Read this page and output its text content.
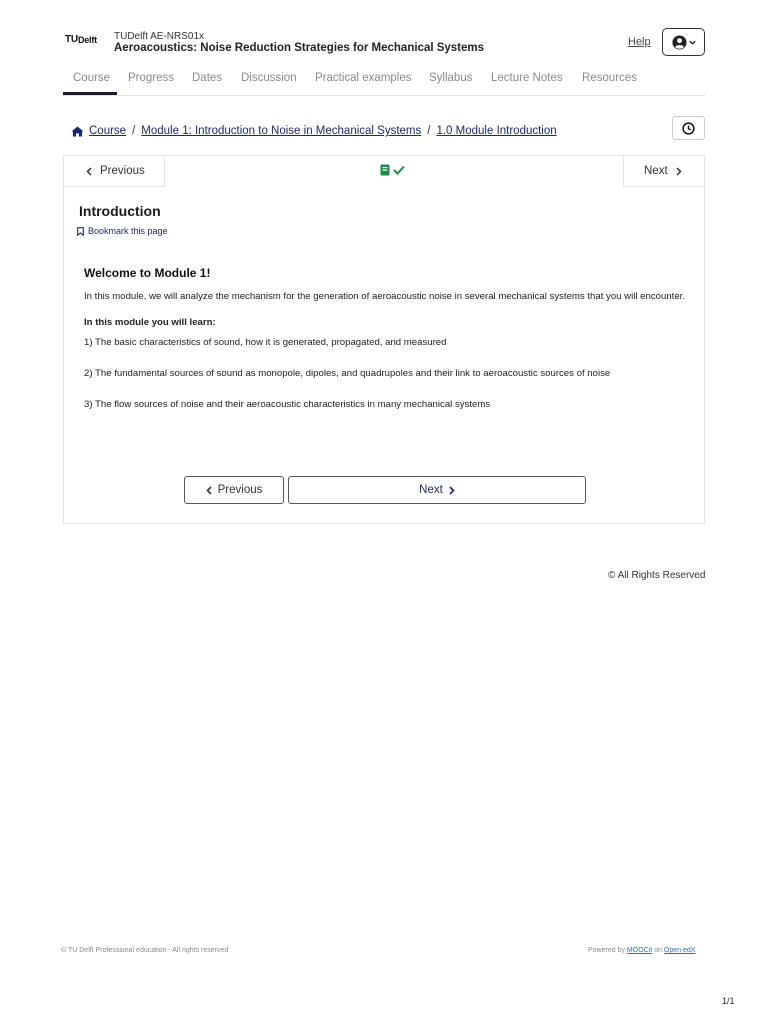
TU Delft TUDelft AE-NRS01x
Aeroacoustics: Noise Reduction Strategies for Mechanical Systems	Help
Course Progress Dates Discussion Practical examples Syllabus Lecture Notes Resources
Course / Module 1: Introduction to Noise in Mechanical Systems / 1.0 Module Introduction
Previous	Next
Introduction
Bookmark this page
Welcome to Module 1!

In this module, we will analyze the mechanism for the generation of aeroacoustic noise in several mechanical systems that you will encounter.

In this module you will learn:

1) The basic characteristics of sound, how it is generated, propagated, and measured

2) The fundamental sources of sound as monopole, dipoles, and quadrupoles and their link to aeroacoustic sources of noise

3) The flow sources of noise and their aeroacoustic characteristics in many mechanical systems

Previous	Next
© All Rights Reserved
© TU Delft Professional education - All rights reserved	Powered by MOOCit on Open edX
1/1
